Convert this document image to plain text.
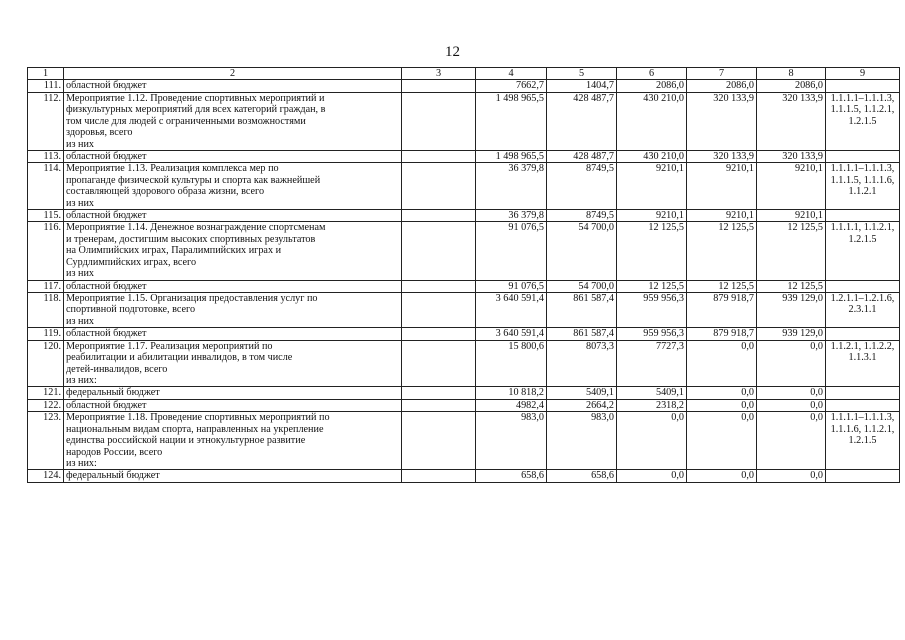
12
1	2	3	4	5	6	7	8	9
111.	областной бюджет		7662,7	1404,7	2086,0	2086,0	2086,0	
112.	Мероприятие 1.12. Проведение спортивных мероприятий и
физкультурных мероприятий для всех категорий граждан, в
том числе для людей с ограниченными возможностями
здоровья, всего
из них		1 498 965,5	428 487,7	430 210,0	320 133,9	320 133,9	1.1.1.1–1.1.1.3,
1.1.1.5, 1.1.2.1,
1.2.1.5

113.	областной бюджет		1 498 965,5	428 487,7	430 210,0	320 133,9	320 133,9	
114.	Мероприятие 1.13. Реализация комплекса мер по
пропаганде физической культуры и спорта как важнейшей
составляющей здорового образа жизни, всего
из них		36 379,8	8749,5	9210,1	9210,1	9210,1	1.1.1.1–1.1.1.3,
1.1.1.5, 1.1.1.6,
1.1.2.1

115.	областной бюджет		36 379,8	8749,5	9210,1	9210,1	9210,1	
116.	Мероприятие 1.14. Денежное вознаграждение спортсменам
и тренерам, достигшим высоких спортивных результатов
на Олимпийских играх, Паралимпийских играх и
Сурдлимпийских играх, всего
из них		91 076,5	54 700,0	12 125,5	12 125,5	12 125,5	1.1.1.1, 1.1.2.1,
1.2.1.5

117.	областной бюджет		91 076,5	54 700,0	12 125,5	12 125,5	12 125,5	
118.	Мероприятие 1.15. Организация предоставления услуг по
спортивной подготовке, всего
из них		3 640 591,4	861 587,4	959 956,3	879 918,7	939 129,0	1.2.1.1–1.2.1.6,
2.3.1.1

119.	областной бюджет		3 640 591,4	861 587,4	959 956,3	879 918,7	939 129,0	
120.	Мероприятие 1.17. Реализация мероприятий по
реабилитации и абилитации инвалидов, в том числе
детей-инвалидов, всего
из них:		15 800,6	8073,3	7727,3	0,0	0,0	1.1.2.1, 1.1.2.2,
1.1.3.1

121.	федеральный бюджет		10 818,2	5409,1	5409,1	0,0	0,0	
122.	областной бюджет		4982,4	2664,2	2318,2	0,0	0,0	
123.	Мероприятие 1.18. Проведение спортивных мероприятий по
национальным видам спорта, направленных на укрепление
единства российской нации и этнокультурное развитие
народов России, всего
из них:		983,0	983,0	0,0	0,0	0,0	1.1.1.1–1.1.1.3,
1.1.1.6, 1.1.2.1,
1.2.1.5

124.	федеральный бюджет		658,6	658,6	0,0	0,0	0,0	
